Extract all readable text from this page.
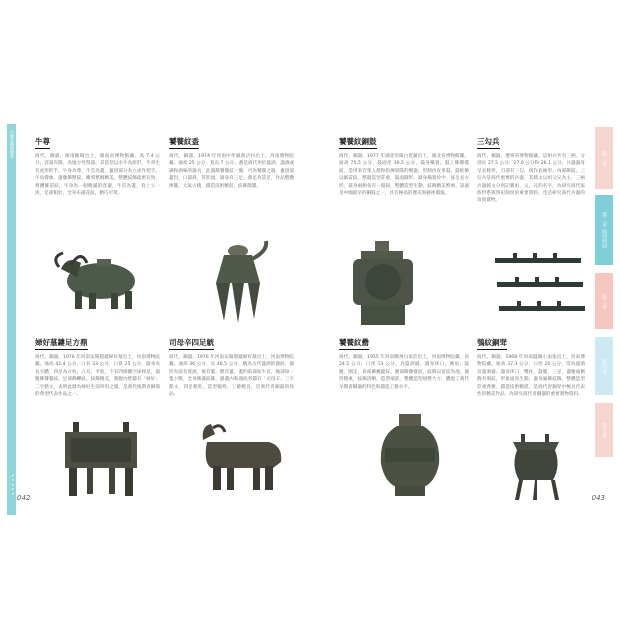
中國青銅器鑑賞
• • • • •
第一章
第二章 商周西周
第三章
第四章
第五章
牛尊
商代，銅器，湖南衡陽出土，湖南省博物館藏，高 7.4 公分，容量有限，為地方性祭器。其造型以水牛為原形，牛背生有虎形把手，牛身為尊，牛首為蓋，蓋頂部分為立虎作把手。牛角彎曲，器腹飾獸紋，雕刻繁縟精美，整體紋飾疏密有致，尊體飾雷紋，牛身為一個飽滿的容器，牛首為蓋，背上立一虎，足部粗壯，全身布滿花紋，精巧可愛。
饕餮紋盉
商代，銅器，1974 年河南中牟縣黃店村出土，河南博物院藏。通高 25 公分，寬長 7 公分。盉是商代用於盛酒，溫酒或調和酒味的器具，此器飾饕餮紋一圈，可為饕餮之器。盉頂部蓋封，口部斜，管狀流，器身有三足，鼎足為袋足，作品整體渾圓，大氣古樸，鑄造技術精湛，紋飾簡潔。
饕餮紋銅鼓
商代，銅器，1977 年湖北崇陽白霓鎮出土，湖北省博物館藏，通高 75.5 公分，鼓面徑 39.5 公分，鼓身橫置。鼓上飾饕餮紋，是用來召集人群和指揮軍隊的樂器，形制仿皮革鼓，鼓框飾以細雷紋，整器造型莊重，鼓面圓形，器身橫置於中，座呈長方形，鼓身兩側各有一環鈕，整體造型生動，紋飾精美繁複。該器是中國最早的銅鼓之一，具有極高的歷史與藝術價值。
三勾兵
商代，銅器，遼寧省博物館藏。這組兵共有三柄，分別長 27.5 公分、27.6 公分和 26.1 公分。兵器器身呈長條形，刃部有三勾，援作直線形，內部飾紋。三勾兵是商代重要的兵器，其銘文以祖父兄為主，三柄兵器銘文分別記載祖、父、兄的名字，為研究商代家族世系與祭祀制度的重要資料，也是研究商代兵器的珍貴實物。
婦好墓鏤足方鼎
商代，銅器，1976 年河南安陽殷墟婦好墓出土，河南博物院藏。通高 42.4 公分，口長 33 公分，口寬 25 公分。器身為長方體，四足為方柱，立耳，平底，下有四條鏤空扉棱足，器腹飾饕餮紋，足部飾蟬紋，紋飾精美，鼎腹內壁鑄有「婦好」二字銘文，表明此鼎為婦好生前所用之器，是商代後期青銅鼎的典型代表作品之一。
司母辛四足觥
商代，銅器，1976 年河南安陽殷墟婦好墓出土，河南博物院藏。通高 36 公分，長 46.5 公分，觥為古代盛酒的器皿，器形為前有寬流、後有鋬、獸首蓋，蓋的前部如牛首，後部如一隻小獸，全身飾滿紋飾，器蓋內和器底各鑄有「司母辛」三字銘文，四足粗壯，造型獨特，工藝精良，是商代青銅器的珍品。
饕餮紋罍
商代，銅器，1955 年河南鄭州白家莊出土，河南博物院藏。高 24.5 公分，口徑 13 公分，為盛酒器。器身侈口，廣肩，鼓腹，圈足，肩部飾夔龍紋，腹部飾饕餮紋，紋飾以雷紋為地，器形穩重，紋飾清晰，造型端莊，整體造型規整大方，體現了商代早期青銅器的特色和鑄造工藝水平。
鴞紋銅斝
商代，銅器，1968 年河南溫縣小南張出土，河南博物院藏。通高 37.3 公分，口徑 20 公分，斝為盛酒及溫酒器。器身侈口，雙柱，鼓腹，三足，器腹兩側飾有鴞紋，形象逼真生動，器身遍飾紋飾，整體造型莊重典雅，鑄造技術精湛，是商代青銅斝中極具代表性的精美作品，為研究商代青銅器的重要實物資料。
042	043
